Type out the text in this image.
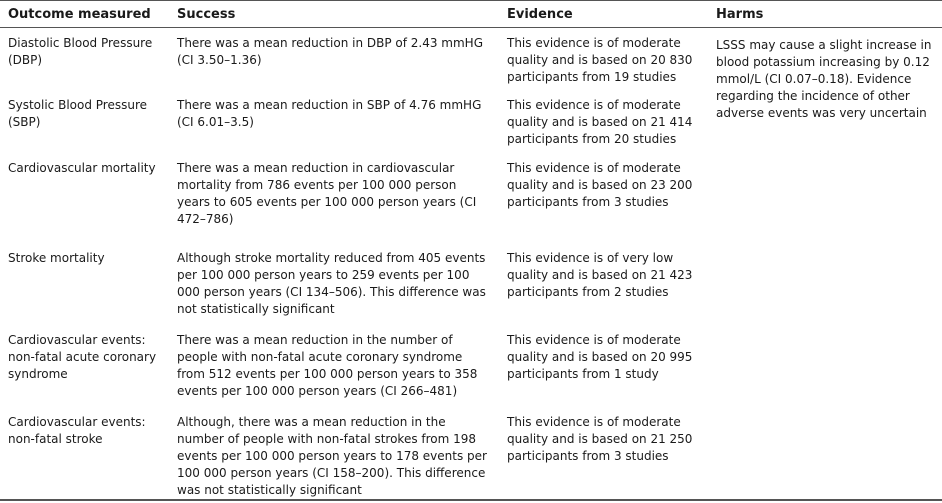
Outcome measured	Success	Evidence	Harms
Diastolic Blood Pressure (DBP)	There was a mean reduction in DBP of 2.43 mmHG (CI 3.50–1.36)	This evidence is of moderate quality and is based on 20 830 participants from 19 studies	LSSS may cause a slight increase in blood potassium increasing by 0.12 mmol/L (CI 0.07–0.18). Evidence regarding the incidence of other adverse events was very uncertain
Systolic Blood Pressure (SBP)	There was a mean reduction in SBP of 4.76 mmHG (CI 6.01–3.5)	This evidence is of moderate quality and is based on 21 414 participants from 20 studies	
Cardiovascular mortality	There was a mean reduction in cardiovascular mortality from 786 events per 100 000 person years to 605 events per 100 000 person years (CI 472–786)	This evidence is of moderate quality and is based on 23 200 participants from 3 studies	
Stroke mortality	Although stroke mortality reduced from 405 events per 100 000 person years to 259 events per 100 000 person years (CI 134–506). This difference was not statistically significant	This evidence is of very low quality and is based on 21 423 participants from 2 studies	
Cardiovascular events: non-fatal acute coronary syndrome	There was a mean reduction in the number of people with non-fatal acute coronary syndrome from 512 events per 100 000 person years to 358 events per 100 000 person years (CI 266–481)	This evidence is of moderate quality and is based on 20 995 participants from 1 study	
Cardiovascular events: non-fatal stroke	Although, there was a mean reduction in the number of people with non-fatal strokes from 198 events per 100 000 person years to 178 events per 100 000 person years (CI 158–200). This difference was not statistically significant	This evidence is of moderate quality and is based on 21 250 participants from 3 studies	
